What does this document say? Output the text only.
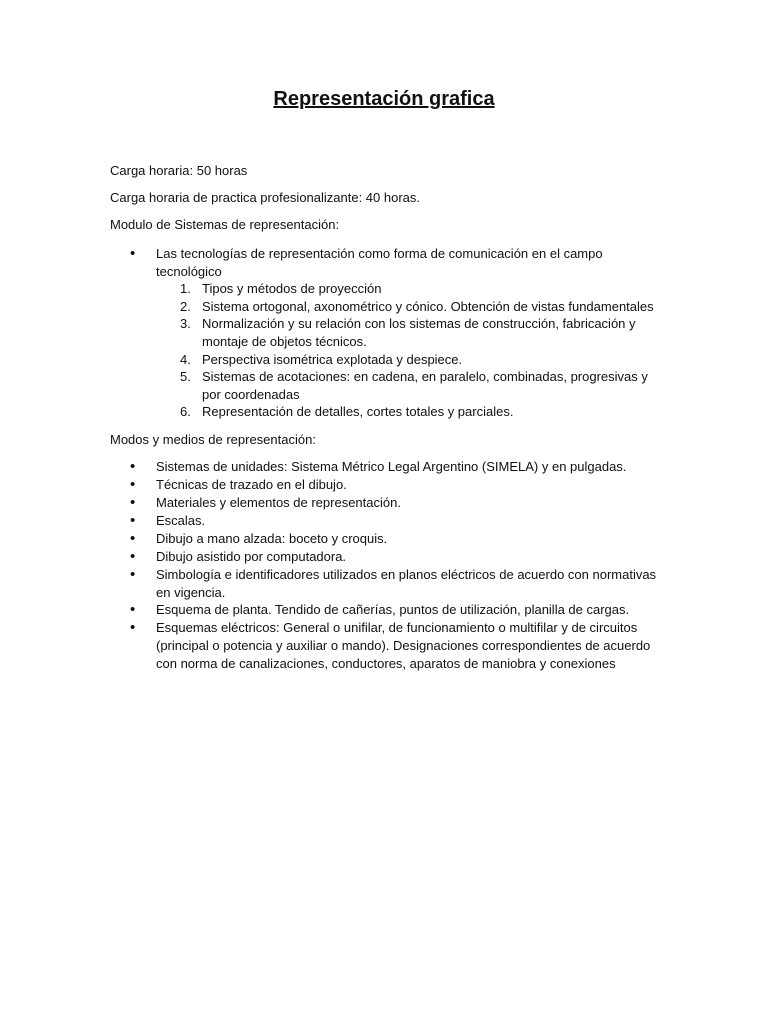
Representación grafica

Carga horaria: 50 horas

Carga horaria de practica profesionalizante: 40 horas.

Modulo de Sistemas de representación:

• Las tecnologías de representación como forma de comunicación en el campo tecnológico
1. Tipos y métodos de proyección
2. Sistema ortogonal, axonométrico y cónico. Obtención de vistas fundamentales
3. Normalización y su relación con los sistemas de construcción, fabricación y montaje de objetos técnicos.
4. Perspectiva isométrica explotada y despiece.
5. Sistemas de acotaciones: en cadena, en paralelo, combinadas, progresivas y por coordenadas
6. Representación de detalles, cortes totales y parciales.

Modos y medios de representación:

• Sistemas de unidades: Sistema Métrico Legal Argentino (SIMELA) y en pulgadas.
• Técnicas de trazado en el dibujo.
• Materiales y elementos de representación.
• Escalas.
• Dibujo a mano alzada: boceto y croquis.
• Dibujo asistido por computadora.
• Simbología e identificadores utilizados en planos eléctricos de acuerdo con normativas en vigencia.
• Esquema de planta. Tendido de cañerías, puntos de utilización, planilla de cargas.
• Esquemas eléctricos: General o unifilar, de funcionamiento o multifilar y de circuitos (principal o potencia y auxiliar o mando). Designaciones correspondientes de acuerdo con norma de canalizaciones, conductores, aparatos de maniobra y conexiones
